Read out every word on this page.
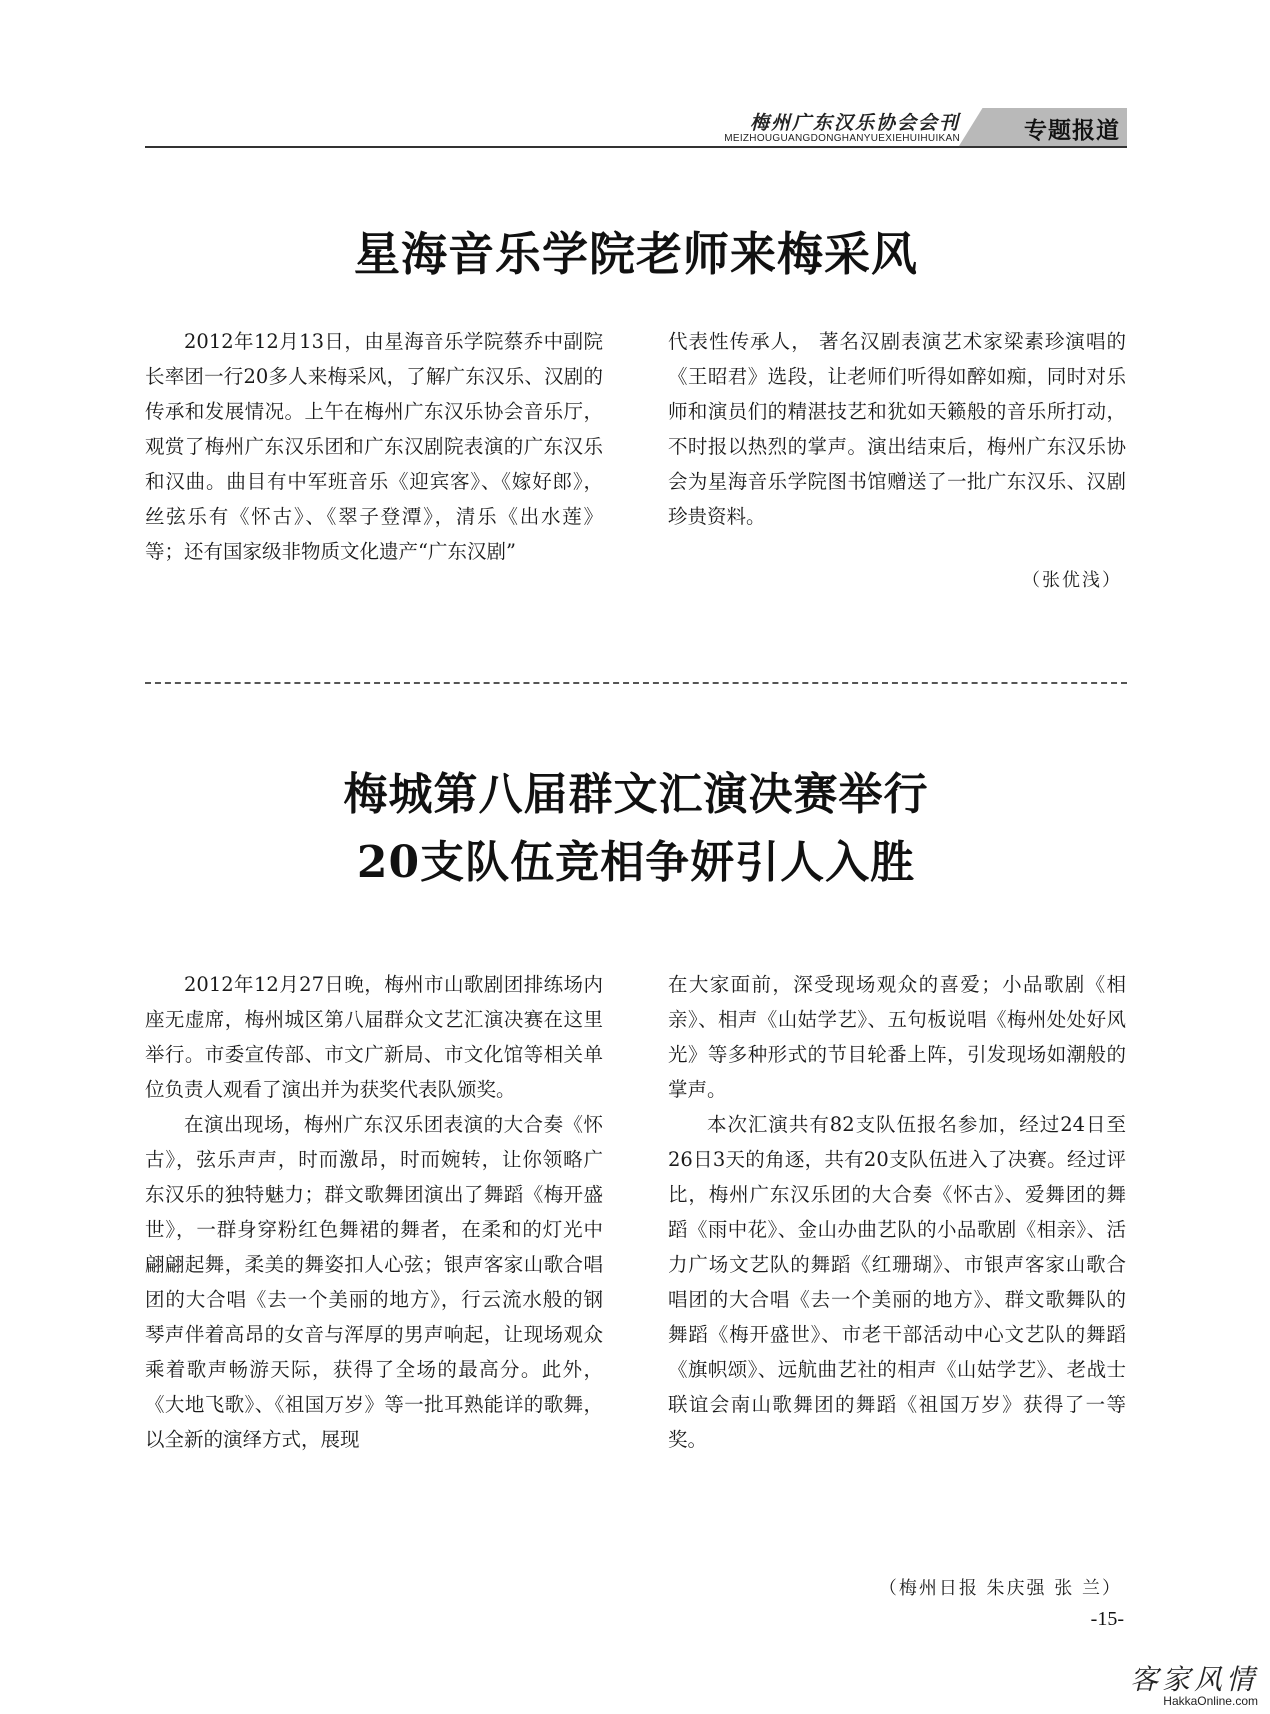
梅州广东汉乐协会会刊
MEIZHOUGUANGDONGHANYUEXIEHUIHUIKAN	专题报道
星海音乐学院老师来梅采风

2012年12月13日，由星海音乐学院蔡乔中副院长率团一行20多人来梅采风，了解广东汉乐、汉剧的传承和发展情况。上午在梅州广东汉乐协会音乐厅，观赏了梅州广东汉乐团和广东汉剧院表演的广东汉乐和汉曲。曲目有中军班音乐《迎宾客》、《嫁好郎》，丝弦乐有《怀古》、《翠子登潭》，清乐《出水莲》等；还有国家级非物质文化遗产“广东汉剧”

代表性传承人， 著名汉剧表演艺术家梁素珍演唱的《王昭君》选段，让老师们听得如醉如痴，同时对乐师和演员们的精湛技艺和犹如天籁般的音乐所打动，不时报以热烈的掌声。演出结束后，梅州广东汉乐协会为星海音乐学院图书馆赠送了一批广东汉乐、汉剧珍贵资料。

（张优浅）
梅城第八届群文汇演决赛举行
20支队伍竞相争妍引人入胜

2012年12月27日晚，梅州市山歌剧团排练场内座无虚席，梅州城区第八届群众文艺汇演决赛在这里举行。市委宣传部、市文广新局、市文化馆等相关单位负责人观看了演出并为获奖代表队颁奖。

在演出现场，梅州广东汉乐团表演的大合奏《怀古》，弦乐声声，时而激昂，时而婉转，让你领略广东汉乐的独特魅力；群文歌舞团演出了舞蹈《梅开盛世》，一群身穿粉红色舞裙的舞者，在柔和的灯光中翩翩起舞，柔美的舞姿扣人心弦；银声客家山歌合唱团的大合唱《去一个美丽的地方》，行云流水般的钢琴声伴着高昂的女音与浑厚的男声响起，让现场观众乘着歌声畅游天际，获得了全场的最高分。此外，《大地飞歌》、《祖国万岁》等一批耳熟能详的歌舞，以全新的演绎方式，展现

在大家面前，深受现场观众的喜爱；小品歌剧《相亲》、相声《山姑学艺》、五句板说唱《梅州处处好风光》等多种形式的节目轮番上阵，引发现场如潮般的掌声。

本次汇演共有82支队伍报名参加，经过24日至26日3天的角逐，共有20支队伍进入了决赛。经过评比，梅州广东汉乐团的大合奏《怀古》、爱舞团的舞蹈《雨中花》、金山办曲艺队的小品歌剧《相亲》、活力广场文艺队的舞蹈《红珊瑚》、市银声客家山歌合唱团的大合唱《去一个美丽的地方》、群文歌舞队的舞蹈《梅开盛世》、市老干部活动中心文艺队的舞蹈《旗帜颂》、远航曲艺社的相声《山姑学艺》、老战士联谊会南山歌舞团的舞蹈《祖国万岁》获得了一等奖。

（梅州日报 朱庆强 张 兰）
-15-
客家风情
HakkaOnline.com
